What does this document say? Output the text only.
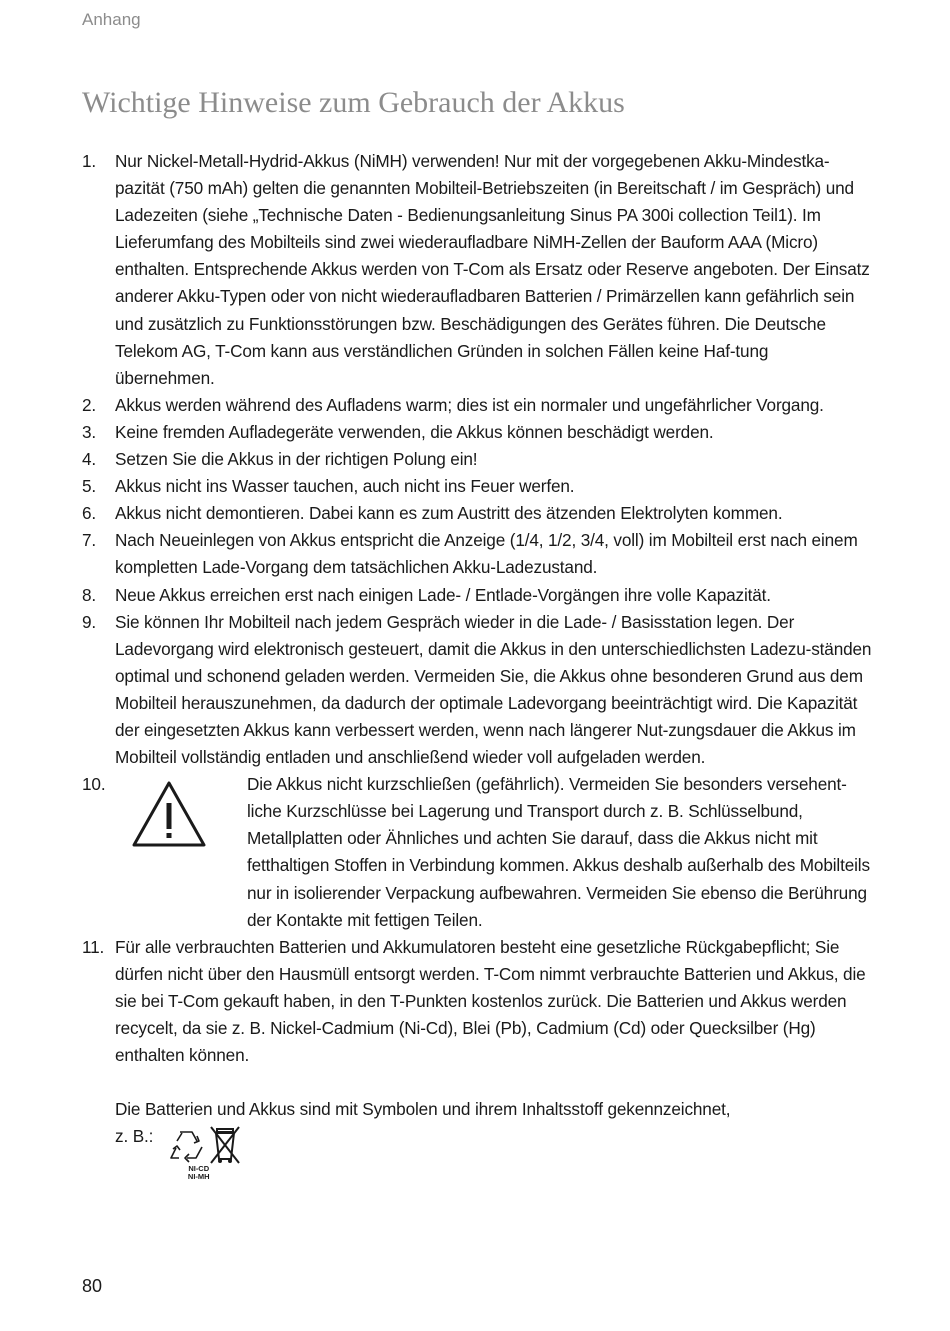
Anhang
Wichtige Hinweise zum Gebrauch der Akkus
1. Nur Nickel-Metall-Hydrid-Akkus (NiMH) verwenden! Nur mit der vorgegebenen Akku-Mindestka-pazität (750 mAh) gelten die genannten Mobilteil-Betriebszeiten (in Bereitschaft / im Gespräch) und Ladezeiten (siehe „Technische Daten - Bedienungsanleitung Sinus PA 300i collection Teil1). Im Lieferumfang des Mobilteils sind zwei wiederaufladbare NiMH-Zellen der Bauform AAA (Micro) enthalten. Entsprechende Akkus werden von T-Com als Ersatz oder Reserve angeboten. Der Einsatz anderer Akku-Typen oder von nicht wiederaufladbaren Batterien / Primärzellen kann gefährlich sein und zusätzlich zu Funktionsstörungen bzw. Beschädigungen des Gerätes führen. Die Deutsche Telekom AG, T-Com kann aus verständlichen Gründen in solchen Fällen keine Haf-tung übernehmen.
2. Akkus werden während des Aufladens warm; dies ist ein normaler und ungefährlicher Vorgang.
3. Keine fremden Aufladegeräte verwenden, die Akkus können beschädigt werden.
4. Setzen Sie die Akkus in der richtigen Polung ein!
5. Akkus nicht ins Wasser tauchen, auch nicht ins Feuer werfen.
6. Akkus nicht demontieren. Dabei kann es zum Austritt des ätzenden Elektrolyten kommen.
7. Nach Neueinlegen von Akkus entspricht die Anzeige (1/4, 1/2, 3/4, voll) im Mobilteil erst nach einem kompletten Lade-Vorgang dem tatsächlichen Akku-Ladezustand.
8. Neue Akkus erreichen erst nach einigen Lade- / Entlade-Vorgängen ihre volle Kapazität.
9. Sie können Ihr Mobilteil nach jedem Gespräch wieder in die Lade- / Basisstation legen. Der Ladevorgang wird elektronisch gesteuert, damit die Akkus in den unterschiedlichsten Ladezu-ständen optimal und schonend geladen werden. Vermeiden Sie, die Akkus ohne besonderen Grund aus dem Mobilteil herauszunehmen, da dadurch der optimale Ladevorgang beeinträchtigt wird. Die Kapazität der eingesetzten Akkus kann verbessert werden, wenn nach längerer Nut-zungsdauer die Akkus im Mobilteil vollständig entladen und anschließend wieder voll aufgeladen werden.
10.	Die Akkus nicht kurzschließen (gefährlich). Vermeiden Sie besonders versehent-liche Kurzschlüsse bei Lagerung und Transport durch z. B. Schlüsselbund, Metallplatten oder Ähnliches und achten Sie darauf, dass die Akkus nicht mit fetthaltigen Stoffen in Verbindung kommen. Akkus deshalb außerhalb des Mobilteils nur in isolierender Verpackung aufbewahren. Vermeiden Sie ebenso die Berührung der Kontakte mit fettigen Teilen.
11. Für alle verbrauchten Batterien und Akkumulatoren besteht eine gesetzliche Rückgabepflicht; Sie dürfen nicht über den Hausmüll entsorgt werden. T-Com nimmt verbrauchte Batterien und Akkus, die sie bei T-Com gekauft haben, in den T-Punkten kostenlos zurück. Die Batterien und Akkus werden recycelt, da sie z. B. Nickel-Cadmium (Ni-Cd), Blei (Pb), Cadmium (Cd) oder Quecksilber (Hg) enthalten können.
Die Batterien und Akkus sind mit Symbolen und ihrem Inhaltsstoff gekennzeichnet,
z. B.:
NI-CD
NI-MH
80
